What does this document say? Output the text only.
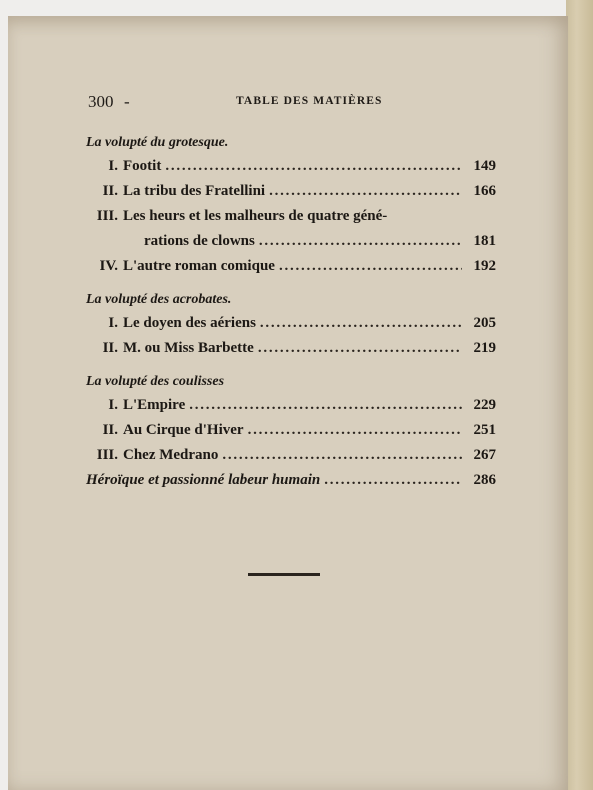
300 -	TABLE DES MATIÈRES
La volupté du grotesque.
I. Footit . . .	149
II. La tribu des Fratellini . . .	166
III. Les heurs et les malheurs de quatre géné-
rations de clowns . . .	181
IV. L'autre roman comique . . .	192
La volupté des acrobates.
I. Le doyen des aériens . . .	205
II. M. ou Miss Barbette . . .	219
La volupté des coulisses
I. L'Empire . . .	229
II. Au Cirque d'Hiver . . .	251
III. Chez Medrano . . .	267
Héroïque et passionné labeur humain . . .	286
